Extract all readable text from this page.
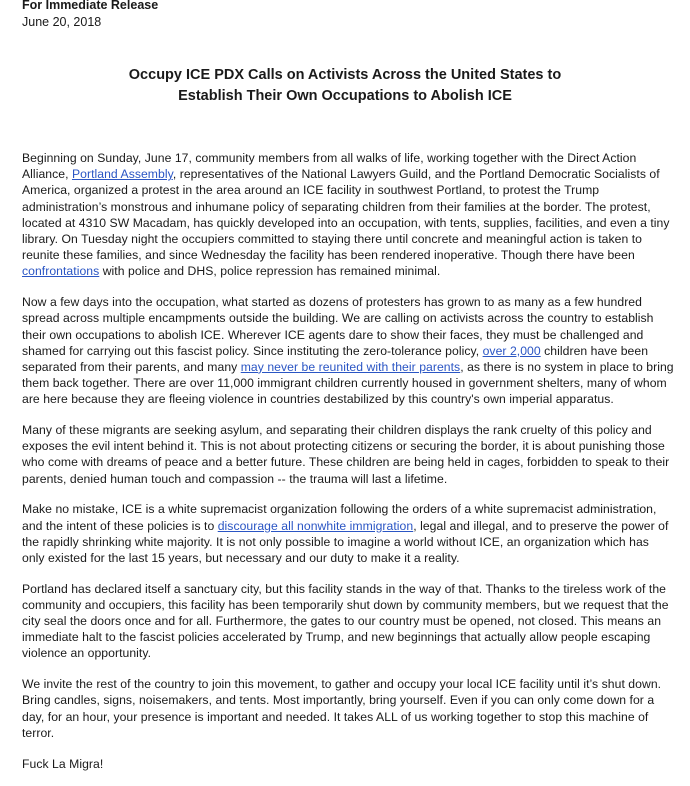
For Immediate Release
June 20, 2018
Occupy ICE PDX Calls on Activists Across the United States to
Establish Their Own Occupations to Abolish ICE

Beginning on Sunday, June 17, community members from all walks of life, working together with the Direct Action Alliance, Portland Assembly, representatives of the National Lawyers Guild, and the Portland Democratic Socialists of America, organized a protest in the area around an ICE facility in southwest Portland, to protest the Trump administration’s monstrous and inhumane policy of separating children from their families at the border. The protest, located at 4310 SW Macadam, has quickly developed into an occupation, with tents, supplies, facilities, and even a tiny library. On Tuesday night the occupiers committed to staying there until concrete and meaningful action is taken to reunite these families, and since Wednesday the facility has been rendered inoperative. Though there have been confrontations with police and DHS, police repression has remained minimal.

Now a few days into the occupation, what started as dozens of protesters has grown to as many as a few hundred spread across multiple encampments outside the building. We are calling on activists across the country to establish their own occupations to abolish ICE. Wherever ICE agents dare to show their faces, they must be challenged and shamed for carrying out this fascist policy. Since instituting the zero-tolerance policy, over 2,000 children have been separated from their parents, and many may never be reunited with their parents, as there is no system in place to bring them back together. There are over 11,000 immigrant children currently housed in government shelters, many of whom are here because they are fleeing violence in countries destabilized by this country's own imperial apparatus.

Many of these migrants are seeking asylum, and separating their children displays the rank cruelty of this policy and exposes the evil intent behind it. This is not about protecting citizens or securing the border, it is about punishing those who come with dreams of peace and a better future. These children are being held in cages, forbidden to speak to their parents, denied human touch and compassion -- the trauma will last a lifetime.

Make no mistake, ICE is a white supremacist organization following the orders of a white supremacist administration, and the intent of these policies is to discourage all nonwhite immigration, legal and illegal, and to preserve the power of the rapidly shrinking white majority. It is not only possible to imagine a world without ICE, an organization which has only existed for the last 15 years, but necessary and our duty to make it a reality.

Portland has declared itself a sanctuary city, but this facility stands in the way of that. Thanks to the tireless work of the community and occupiers, this facility has been temporarily shut down by community members, but we request that the city seal the doors once and for all. Furthermore, the gates to our country must be opened, not closed. This means an immediate halt to the fascist policies accelerated by Trump, and new beginnings that actually allow people escaping violence an opportunity.

We invite the rest of the country to join this movement, to gather and occupy your local ICE facility until it’s shut down. Bring candles, signs, noisemakers, and tents. Most importantly, bring yourself. Even if you can only come down for a day, for an hour, your presence is important and needed. It takes ALL of us working together to stop this machine of terror.

Fuck La Migra!
